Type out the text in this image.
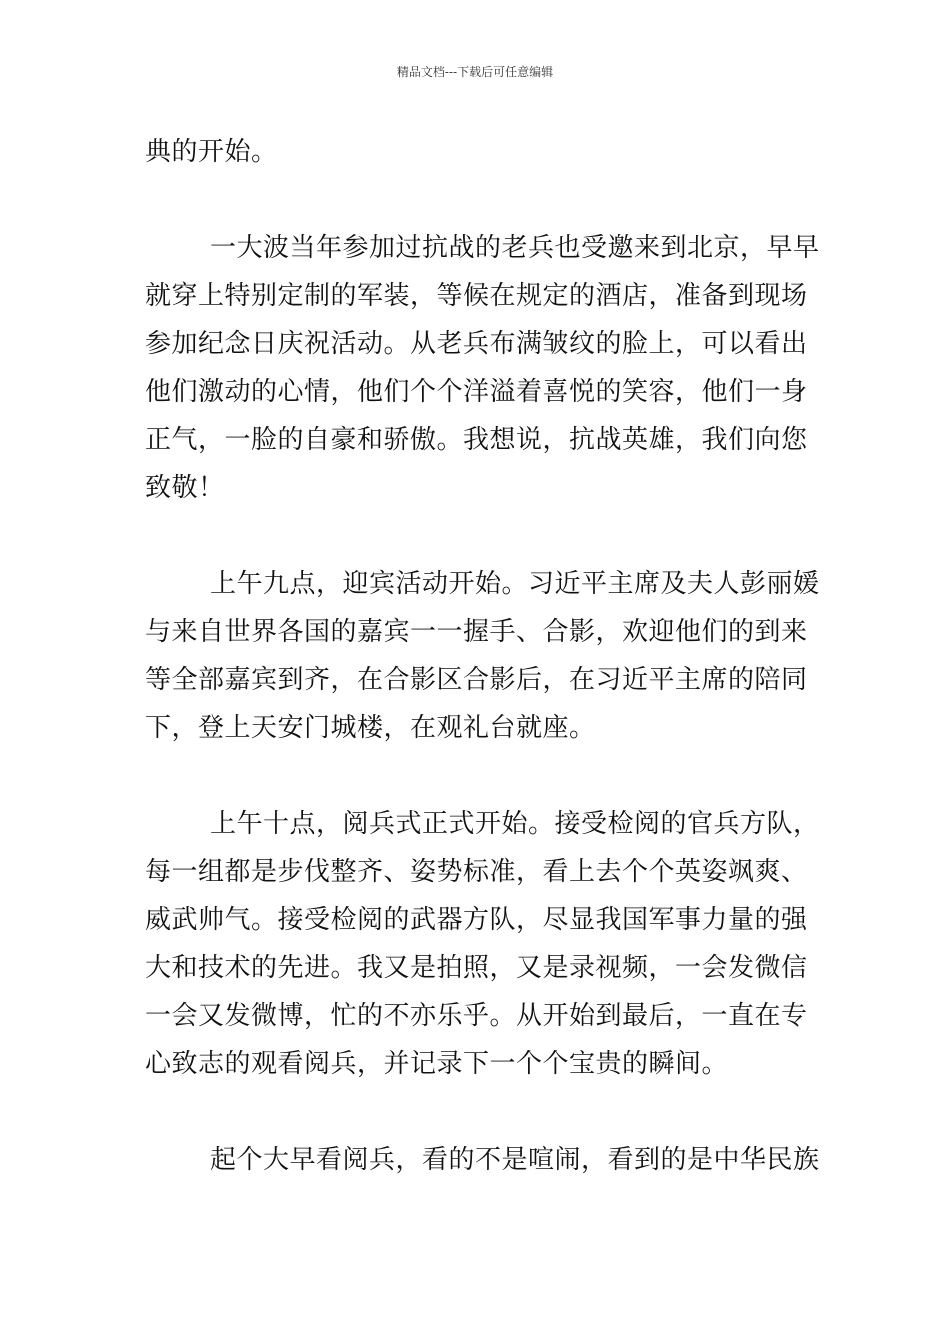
精品文档---下载后可任意编辑
典的开始。
一大波当年参加过抗战的老兵也受邀来到北京，早早
就穿上特别定制的军装，等候在规定的酒店，准备到现场
参加纪念日庆祝活动。从老兵布满皱纹的脸上，可以看出
他们激动的心情，他们个个洋溢着喜悦的笑容，他们一身
正气，一脸的自豪和骄傲。我想说，抗战英雄，我们向您
致敬！
上午九点，迎宾活动开始。习近平主席及夫人彭丽媛
与来自世界各国的嘉宾一一握手、合影，欢迎他们的到来
等全部嘉宾到齐，在合影区合影后，在习近平主席的陪同
下，登上天安门城楼，在观礼台就座。
上午十点，阅兵式正式开始。接受检阅的官兵方队，
每一组都是步伐整齐、姿势标准，看上去个个英姿飒爽、
威武帅气。接受检阅的武器方队，尽显我国军事力量的强
大和技术的先进。我又是拍照，又是录视频，一会发微信
一会又发微博，忙的不亦乐乎。从开始到最后，一直在专
心致志的观看阅兵，并记录下一个个宝贵的瞬间。
起个大早看阅兵，看的不是喧闹，看到的是中华民族
